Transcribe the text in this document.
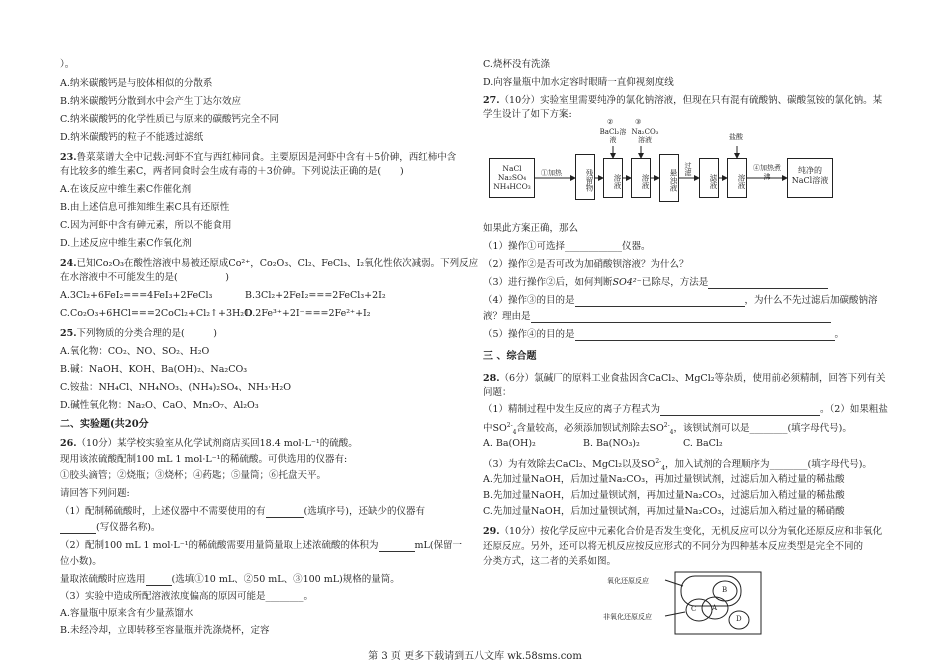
）。
A.纳米碳酸钙是与胶体相似的分散系
B.纳米碳酸钙分散到水中会产生丁达尔效应
C.纳米碳酸钙的化学性质已与原来的碳酸钙完全不同
D.纳米碳酸钙的粒子不能透过滤纸
23.鲁菜菜谱大全中记载:河虾不宜与西红柿同食。主要原因是河虾中含有＋5价砷，西红柿中含
有比较多的维生素C，两者同食时会生成有毒的＋3价砷。下列说法正确的是(　　)
A.在该反应中维生素C作催化剂
B.由上述信息可推知维生素C具有还原性
C.因为河虾中含有砷元素，所以不能食用
D.上述反应中维生素C作氧化剂
24.已知Co₂O₃在酸性溶液中易被还原成Co²⁺，Co₂O₃、Cl₂、FeCl₃、I₂氧化性依次减弱。下列反应
在水溶液中不可能发生的是(　　　　　)
A.3Cl₂+6FeI₂===4FeI₃+2FeCl₃	B.3Cl₂+2FeI₂===2FeCl₃+2I₂
C.Co₂O₃+6HCl===2CoCl₂+Cl₂↑+3H₂O
D.2Fe³⁺+2I⁻===2Fe²⁺+I₂
25.下列物质的分类合理的是(　　　)
A.氧化物：CO₂、NO、SO₂、H₂O
B.碱：NaOH、KOH、Ba(OH)₂、Na₂CO₃
C.铵盐：NH₄Cl、NH₄NO₃、(NH₄)₂SO₄、NH₃·H₂O
D.碱性氧化物：Na₂O、CaO、Mn₂O₇、Al₂O₃
二、实验题(共20分
26.（10分）某学校实验室从化学试剂商店买回18.4 mol·L⁻¹的硫酸。
现用该浓硫酸配制100 mL 1 mol·L⁻¹的稀硫酸。可供选用的仪器有:
①胶头滴管；②烧瓶；③烧杯；④药匙；⑤量筒；⑥托盘天平。
请回答下列问题:
（1）配制稀硫酸时，上述仪器中不需要使用的有	(选填序号)，还缺少的仪器有
(写仪器名称)。
（2）配制100 mL 1 mol·L⁻¹的稀硫酸需要用量筒量取上述浓硫酸的体积为	mL(保留一
位小数)。
量取浓硫酸时应选用	(选填①10 mL、②50 mL、③100 mL)规格的量筒。
（3）实验中造成所配溶液浓度偏高的原因可能是________。
A.容量瓶中原来含有少量蒸馏水
B.未经冷却，立即转移至容量瓶并洗涤烧杯，定容
C.烧杯没有洗涤
D.向容量瓶中加水定容时眼睛一直仰视刻度线
27.（10分）实验室里需要纯净的氯化钠溶液，但现在只有混有硫酸钠、碳酸氢铵的氯化钠。某
学生设计了如下方案:
NaCl
Na₂SO₄
NH₄HCO₃
①加热	残留物	溶液
②
BaCl₂溶液
③
Na₂CO₃溶液
溶液	悬浊液 过滤
滤液
盐酸
溶液
④加热煮沸
纯净的NaCl溶液
如果此方案正确，那么
（1）操作①可选择____________仪器。
（2）操作②是否可改为加硝酸钡溶液？为什么？
（3）进行操作②后，如何判断SO4²⁻已除尽，方法是
（4）操作③的目的是	，为什么不先过滤后加碳酸钠溶
液？理由是
（5）操作④的目的是	。
三 、综合题
28.（6分）氯碱厂的原料工业食盐因含CaCl₂、MgCl₂等杂质，使用前必须精制，回答下列有关
问题：
（1）精制过程中发生反应的离子方程式为	。（2）如果粗盐
中$SO^{2-}_4$含量较高，必须添加钡试剂除去$SO^{2-}_4$，该钡试剂可以是________(填字母代号)。
A. Ba(OH)₂	B. Ba(NO₃)₂	C. BaCl₂
（3）为有效除去CaCl₂、MgCl₂以及$SO^{2-}_4$，加入试剂的合理顺序为________(填字母代号)。
A.先加过量NaOH，后加过量Na₂CO₃，再加过量钡试剂，过滤后加入稍过量的稀盐酸
B.先加过量NaOH，后加过量钡试剂，再加过量Na₂CO₃，过滤后加入稍过量的稀盐酸
C.先加过量NaOH，后加过量钡试剂，再加过量Na₂CO₃，过滤后加入稍过量的稀硝酸
29.（10分）按化学反应中元素化合价是否发生变化，无机反应可以分为氧化还原反应和非氧化
还原反应。另外，还可以将无机反应按反应形式的不同分为四种基本反应类型是完全不同的
分类方式，这二者的关系如图。
氧化还原反应
非氧化还原反应
B
C A
D
第 3 页 更多下载请到五八文库 wk.58sms.com
